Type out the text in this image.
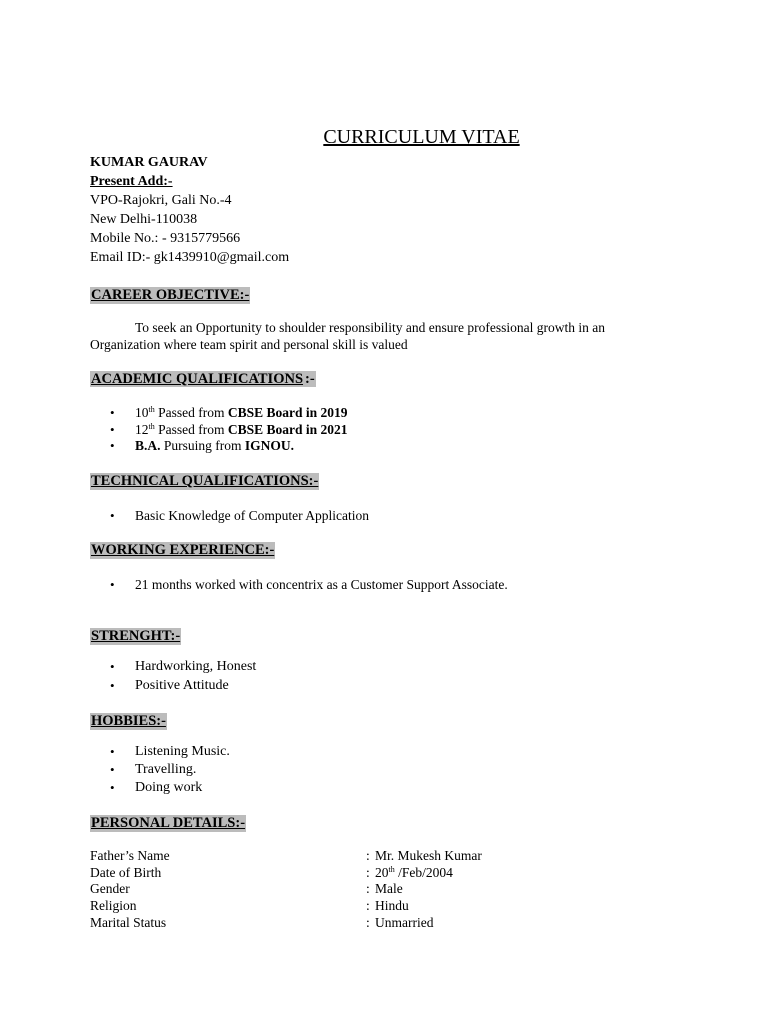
CURRICULUM VITAE
KUMAR GAURAV
Present Add:-
VPO-Rajokri, Gali No.-4
New Delhi-110038
Mobile No.: - 9315779566
Email ID:- gk1439910@gmail.com
CAREER OBJECTIVE:-
To seek an Opportunity to shoulder responsibility and ensure professional growth in an
Organization where team spirit and personal skill is valued
ACADEMIC QUALIFICATIONS :-
• 10th Passed from CBSE Board in 2019
• 12th Passed from CBSE Board in 2021
• B.A. Pursuing from IGNOU.
TECHNICAL QUALIFICATIONS:-
• Basic Knowledge of Computer Application
WORKING EXPERIENCE:-
• 21 months worked with concentrix as a Customer Support Associate.
STRENGHT:-
• Hardworking, Honest
• Positive Attitude
HOBBIES:-
• Listening Music.
• Travelling.
• Doing work
PERSONAL DETAILS:-
Father’s Name	: Mr. Mukesh Kumar
Date of Birth	: 20th /Feb/2004
Gender	: Male
Religion	: Hindu
Marital Status	: Unmarried
